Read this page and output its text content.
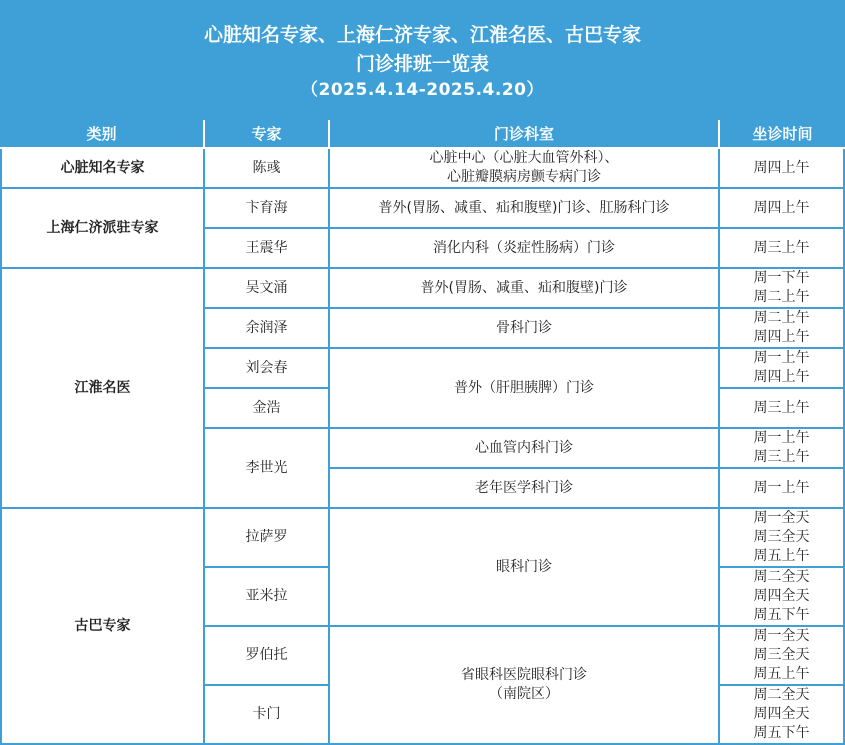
心脏知名专家、上海仁济专家、江淮名医、古巴专家
门诊排班一览表
（2025.4.14-2025.4.20）
类别	专家	门诊科室	坐诊时间
心脏知名专家	陈彧	心脏中心（心脏大血管外科）、
心脏瓣膜病房颤专病门诊	周四上午
上海仁济派驻专家	卞育海	普外(胃肠、减重、疝和腹壁)门诊、肛肠科门诊	周四上午
	王震华	消化内科（炎症性肠病）门诊	周三上午
江淮名医	吴文涌	普外(胃肠、减重、疝和腹壁)门诊	周一下午
周二上午

	余润泽	骨科门诊	周二上午
周四上午

	刘会春	普外（肝胆胰脾）门诊	周一上午
周四上午

	金浩		周三上午
	李世光	心血管内科门诊	周一上午
周三上午

		老年医学科门诊	周一上午
古巴专家	拉萨罗	眼科门诊	周一全天
周三全天
周五上午

	亚米拉		周二全天
周四全天
周五下午

	罗伯托	省眼科医院眼科门诊
（南院区）	周一全天
周三全天
周五上午

	卡门		周二全天
周四全天
周五下午
